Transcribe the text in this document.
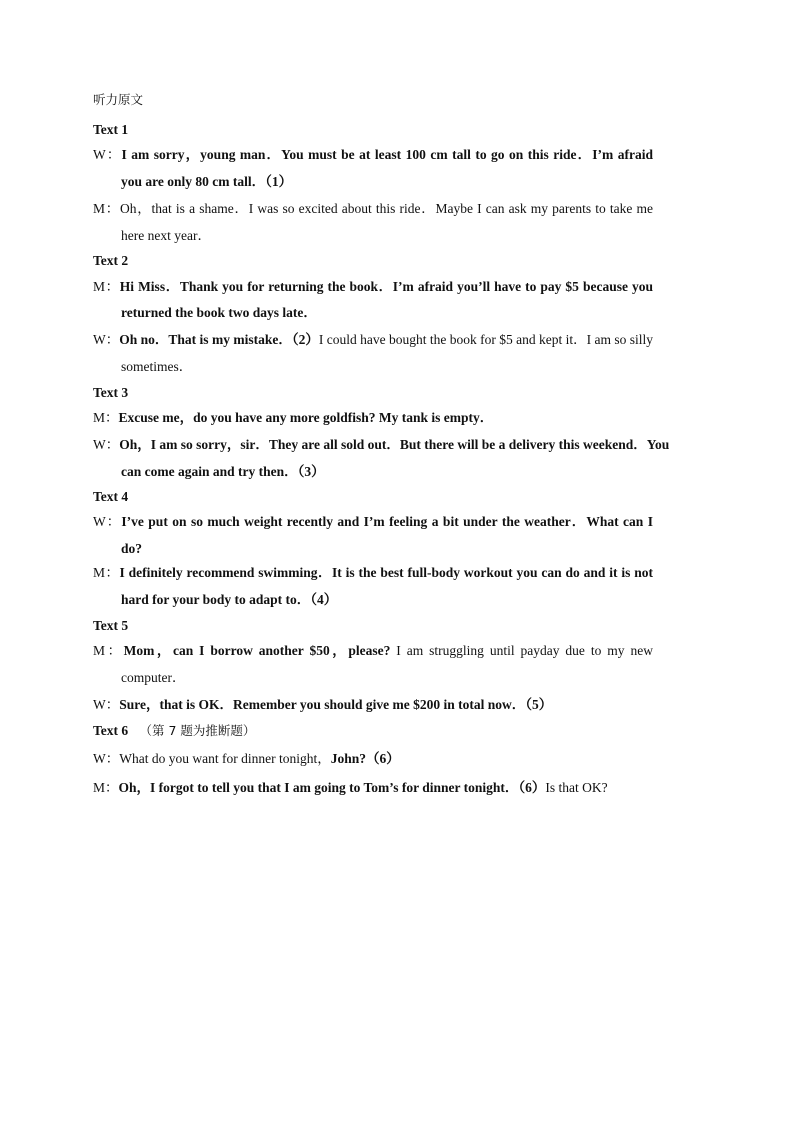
听力原文
Text 1
W：I am sorry，young man．You must be at least 100 cm tall to go on this ride．I’m afraid
you are only 80 cm tall．（1）
M：Oh，that is a shame．I was so excited about this ride．Maybe I can ask my parents to take me
here next year．
Text 2
M：Hi Miss．Thank you for returning the book．I’m afraid you’ll have to pay $5 because you
returned the book two days late．
W：Oh no．That is my mistake．（2）I could have bought the book for $5 and kept it．I am so silly
sometimes．
Text 3
M：Excuse me，do you have any more goldfish? My tank is empty．
W：Oh，I am so sorry，sir．They are all sold out．But there will be a delivery this weekend．You
can come again and try then．（3）
Text 4
W：I’ve put on so much weight recently and I’m feeling a bit under the weather．What can I
do?
M：I definitely recommend swimming．It is the best full-body workout you can do and it is not
hard for your body to adapt to．（4）
Text 5
M：Mom，can I borrow another $50，please? I am struggling until payday due to my new
computer．
W：Sure，that is OK．Remember you should give me $200 in total now．（5）
Text 6 （第 7 题为推断题）
W：What do you want for dinner tonight，John?（6）
M：Oh，I forgot to tell you that I am going to Tom’s for dinner tonight．（6）Is that OK?
